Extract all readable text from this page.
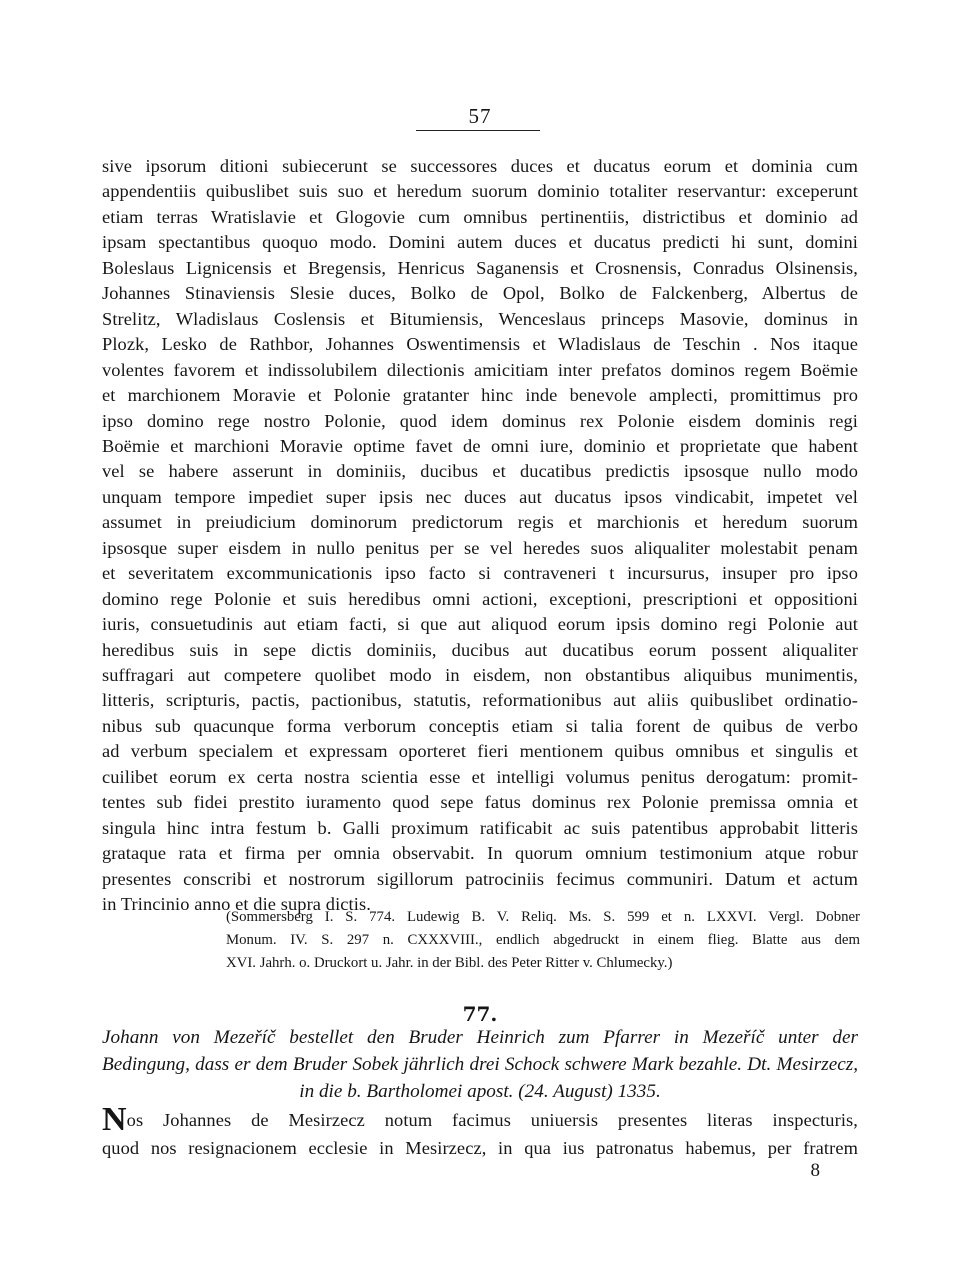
57
sive ipsorum ditioni subiecerunt se successores duces et ducatus eorum et dominia cum
appendentiis quibuslibet suis suo et heredum suorum dominio totaliter reservantur: exceperunt
etiam terras Wratislavie et Glogovie cum omnibus pertinentiis, districtibus et dominio ad
ipsam spectantibus quoquo modo. Domini autem duces et ducatus predicti hi sunt, domini
Boleslaus Lignicensis et Bregensis, Henricus Saganensis et Crosnensis, Conradus Olsinensis,
Johannes Stinaviensis Slesie duces, Bolko de Opol, Bolko de Falckenberg, Albertus de
Strelitz, Wladislaus Coslensis et Bitumiensis, Wenceslaus princeps Masovie, dominus in
Plozk, Lesko de Rathbor, Johannes Oswentimensis et Wladislaus de Teschin . Nos itaque
volentes favorem et indissolubilem dilectionis amicitiam inter prefatos dominos regem Boëmie
et marchionem Moravie et Polonie gratanter hinc inde benevole amplecti, promittimus pro
ipso domino rege nostro Polonie, quod idem dominus rex Polonie eisdem dominis regi
Boëmie et marchioni Moravie optime favet de omni iure, dominio et proprietate que habent
vel se habere asserunt in dominiis, ducibus et ducatibus predictis ipsosque nullo modo
unquam tempore impediet super ipsis nec duces aut ducatus ipsos vindicabit, impetet vel
assumet in preiudicium dominorum predictorum regis et marchionis et heredum suorum
ipsosque super eisdem in nullo penitus per se vel heredes suos aliqualiter molestabit penam
et severitatem excommunicationis ipso facto si contraveneri t incursurus, insuper pro ipso
domino rege Polonie et suis heredibus omni actioni, exceptioni, prescriptioni et oppositioni
iuris, consuetudinis aut etiam facti, si que aut aliquod eorum ipsis domino regi Polonie aut
heredibus suis in sepe dictis dominiis, ducibus aut ducatibus eorum possent aliqualiter
suffragari aut competere quolibet modo in eisdem, non obstantibus aliquibus munimentis,
litteris, scripturis, pactis, pactionibus, statutis, reformationibus aut aliis quibuslibet ordinatio-
nibus sub quacunque forma verborum conceptis etiam si talia forent de quibus de verbo
ad verbum specialem et expressam oporteret fieri mentionem quibus omnibus et singulis et
cuilibet eorum ex certa nostra scientia esse et intelligi volumus penitus derogatum: promit-
tentes sub fidei prestito iuramento quod sepe fatus dominus rex Polonie premissa omnia et
singula hinc intra festum b. Galli proximum ratificabit ac suis patentibus approbabit litteris
grataque rata et firma per omnia observabit. In quorum omnium testimonium atque robur
presentes conscribi et nostrorum sigillorum patrociniis fecimus communiri. Datum et actum
in Trincinio anno et die supra dictis.
(Sommersberg I. S. 774. Ludewig B. V. Reliq. Ms. S. 599 et n. LXXVI. Vergl. Dobner
Monum. IV. S. 297 n. CXXXVIII., endlich abgedruckt in einem flieg. Blatte aus dem
XVI. Jahrh. o. Druckort u. Jahr. in der Bibl. des Peter Ritter v. Chlumecky.)
77.
Johann von Mezeříč bestellet den Bruder Heinrich zum Pfarrer in Mezeříč unter der
Bedingung, dass er dem Bruder Sobek jährlich drei Schock schwere Mark bezahle. Dt. Mesirzecz,
in die b. Bartholomei apost. (24. August) 1335.
Nos Johannes de Mesirzecz notum facimus uniuersis presentes literas inspecturis,
quod nos resignacionem ecclesie in Mesirzecz, in qua ius patronatus habemus, per fratrem
8
